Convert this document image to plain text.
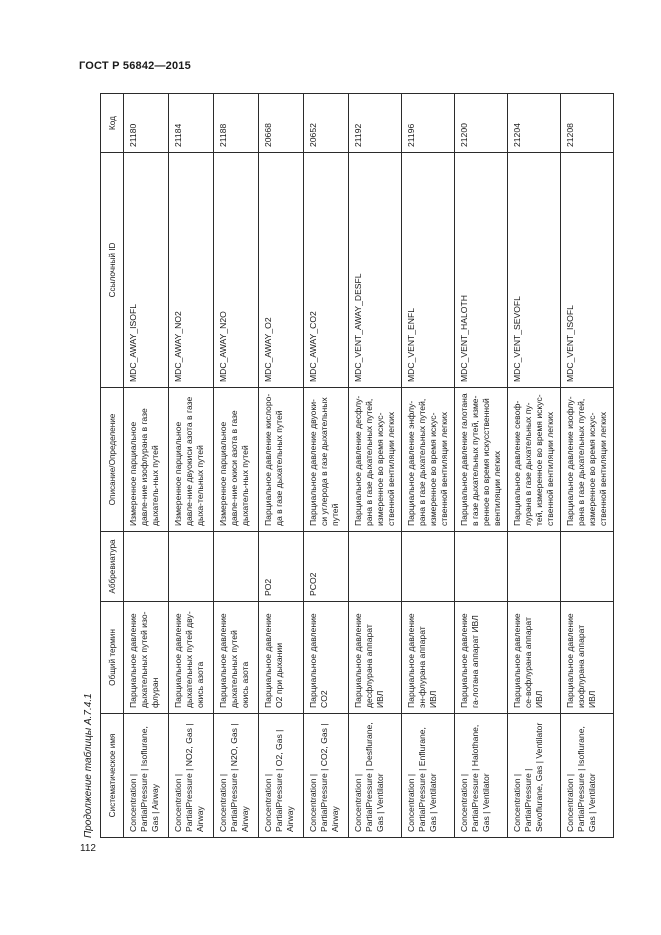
ГОСТ Р 56842—2015
Продолжение таблицы А.7.4.1	Систематическое имя	Общий термин	Аббревиатура	Описание/Определение	Ссылочный ID	Код
Concentration | PartialPressure | Isoflurane, Gas | Airway	Парциальное давление дыхательных путей изо-флуран		Измеренное парциальное давле-ние изофлурана в газе дыхатель-ных путей	MDC_AWAY_ISOFL	21180
Concentration | PartialPressure | NO2, Gas | Airway	Парциальное давление дыхательных путей дву-окись азота		Измеренное парциальное давле-ние двуокиси азота в газе дыха-тельных путей	MDC_AWAY_NO2	21184
Concentration | PartialPressure | N2O, Gas | Airway	Парциальное давление дыхательных путей окись азота		Измеренное парциальное давле-ние окиси азота в газе дыхатель-ных путей	MDC_AWAY_N2O	21188
Concentration | PartialPressure | O2, Gas | Airway	Парциальное давление O2 при дыхании	PO2	Парциальное давление кислоро-да в газе дыхательных путей	MDC_AWAY_O2	20668
Concentration | PartialPressure | CO2, Gas | Airway	Парциальное давление CO2	PCO2	Парциальное давление двуоки-си углерода в газе дыхательных путей	MDC_AWAY_CO2	20652
Concentration | PartialPressure | Desflurane, Gas | Ventilator	Парциальное давление десфлурана аппарат ИВЛ		Парциальное давление десфлу-рана в газе дыхательных путей, измеренное во время искус-ственной вентиляции легких	MDC_VENT_AWAY_DESFL	21192
Concentration | PartialPressure | Enflurane, Gas | Ventilator	Парциальное давление эн-флурана аппарат ИВЛ		Парциальное давление энфлу-рана в газе дыхательных путей, измеренное во время искус-ственной вентиляции легких	MDC_VENT_ENFL	21196
Concentration | PartialPressure | Halothane, Gas | Ventilator	Парциальное давление га-лотана аппарат ИВЛ		Парциальное давление галотана в газе дыхательных путей, изме-ренное во время искусственной вентиляции легких	MDC_VENT_HALOTH	21200
Concentration | PartialPressure | Sevoflurane, Gas | Ventilator	Парциальное давление се-вофлурана аппарат ИВЛ		Парциальное давление севоф-лурана в газе дыхательных пу-тей, измеренное во время искус-ственной вентиляции легких	MDC_VENT_SEVOFL	21204
Concentration | PartialPressure | Isoflurane, Gas | Ventilator	Парциальное давление изофлурана аппарат ИВЛ		Парциальное давление изофлу-рана в газе дыхательных путей, измеренное во время искус-ственной вентиляции легких	MDC_VENT_ISOFL	21208
112
